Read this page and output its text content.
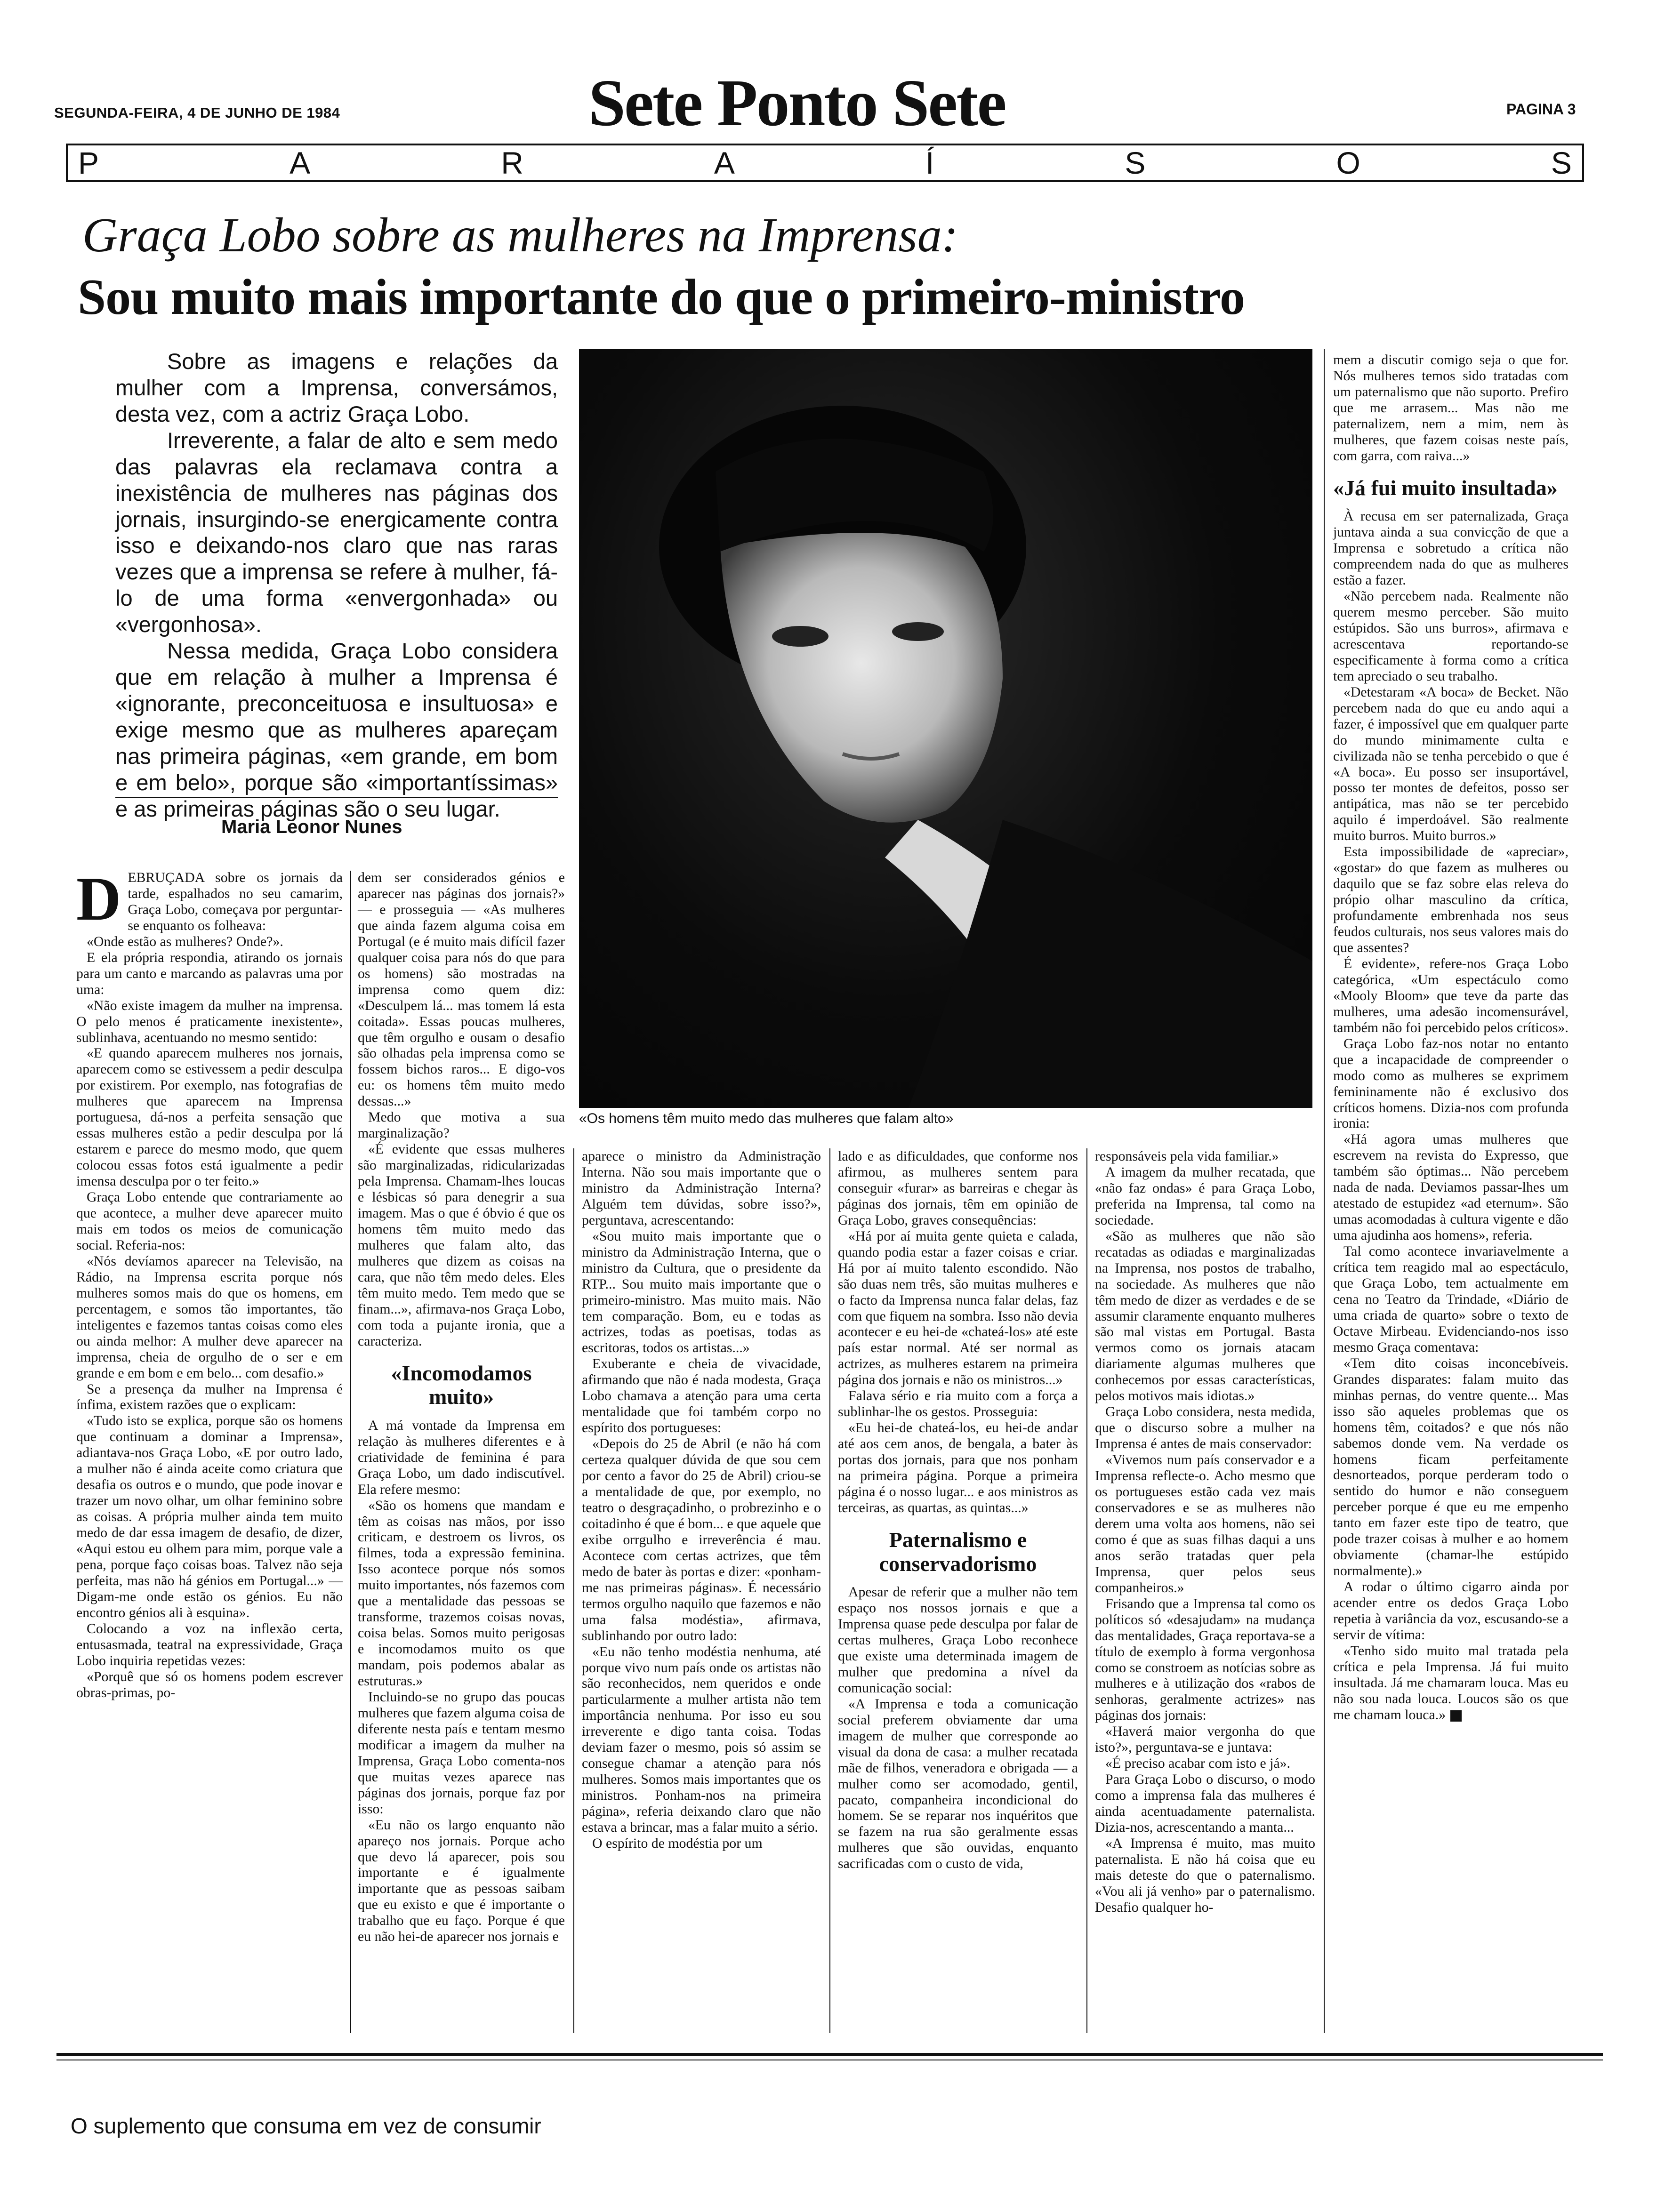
SEGUNDA-FEIRA, 4 DE JUNHO DE 1984	Sete Ponto Sete	PAGINA 3
P	A	R	A	Í	S	O	S
Graça Lobo sobre as mulheres na Imprensa:
Sou muito mais importante do que o primeiro-ministro

Sobre as imagens e relações da mulher com a Imprensa, conversámos, desta vez, com a actriz Graça Lobo.

Irreverente, a falar de alto e sem medo das palavras ela reclamava contra a inexistência de mulheres nas páginas dos jornais, insurgindo-se energicamente contra isso e deixando-nos claro que nas raras vezes que a imprensa se refere à mulher, fá-lo de uma forma «envergonhada» ou «vergonhosa».

Nessa medida, Graça Lobo considera que em relação à mulher a Imprensa é «ignorante, preconceituosa e insultuosa» e exige mesmo que as mulheres apareçam nas primeira páginas, «em grande, em bom e em belo», porque são «importantíssimas» e as primeiras páginas são o seu lugar.

Maria Leonor Nunes
«Os homens têm muito medo das mulheres que falam alto»
D EBRUÇADA sobre os jornais da tarde, espalhados no seu camarim, Graça Lobo, começava por perguntar-se enquanto os folheava:

«Onde estão as mulheres? Onde?».

E ela própria respondia, atirando os jornais para um canto e marcando as palavras uma por uma:

«Não existe imagem da mulher na imprensa. O pelo menos é praticamente inexistente», sublinhava, acentuando no mesmo sentido:

«E quando aparecem mulheres nos jornais, aparecem como se estivessem a pedir desculpa por existirem. Por exemplo, nas fotografias de mulheres que aparecem na Imprensa portuguesa, dá-nos a perfeita sensação que essas mulheres estão a pedir desculpa por lá estarem e parece do mesmo modo, que quem colocou essas fotos está igualmente a pedir imensa desculpa por o ter feito.»

Graça Lobo entende que contrariamente ao que acontece, a mulher deve aparecer muito mais em todos os meios de comunicação social. Referia-nos:

«Nós devíamos aparecer na Televisão, na Rádio, na Imprensa escrita porque nós mulheres somos mais do que os homens, em percentagem, e somos tão importantes, tão inteligentes e fazemos tantas coisas como eles ou ainda melhor: A mulher deve aparecer na imprensa, cheia de orgulho de o ser e em grande e em bom e em belo... com desafio.»

Se a presença da mulher na Imprensa é ínfima, existem razões que o explicam:

«Tudo isto se explica, porque são os homens que continuam a dominar a Imprensa», adiantava-nos Graça Lobo, «E por outro lado, a mulher não é ainda aceite como criatura que desafia os outros e o mundo, que pode inovar e trazer um novo olhar, um olhar feminino sobre as coisas. A própria mulher ainda tem muito medo de dar essa imagem de desafio, de dizer, «Aqui estou eu olhem para mim, porque vale a pena, porque faço coisas boas. Talvez não seja perfeita, mas não há génios em Portugal...» — Digam-me onde estão os génios. Eu não encontro génios ali à esquina».

Colocando a voz na inflexão certa, entusasmada, teatral na expressividade, Graça Lobo inquiria repetidas vezes:

«Porquê que só os homens podem escrever obras-primas, po-

dem ser considerados génios e aparecer nas páginas dos jornais?» — e prosseguia — «As mulheres que ainda fazem alguma coisa em Portugal (e é muito mais difícil fazer qualquer coisa para nós do que para os homens) são mostradas na imprensa como quem diz: «Desculpem lá... mas tomem lá esta coitada». Essas poucas mulheres, que têm orgulho e ousam o desafio são olhadas pela imprensa como se fossem bichos raros... E digo-vos eu: os homens têm muito medo dessas...»

Medo que motiva a sua marginalização?

«É evidente que essas mulheres são marginalizadas, ridicularizadas pela Imprensa. Chamam-lhes loucas e lésbicas só para denegrir a sua imagem. Mas o que é óbvio é que os homens têm muito medo das mulheres que falam alto, das mulheres que dizem as coisas na cara, que não têm medo deles. Eles têm muito medo. Tem medo que se finam...», afirmava-nos Graça Lobo, com toda a pujante ironia, que a caracteriza.

«Incomodamos muito»

A má vontade da Imprensa em relação às mulheres diferentes e à criatividade de feminina é para Graça Lobo, um dado indiscutível. Ela refere mesmo:

«São os homens que mandam e têm as coisas nas mãos, por isso criticam, e destroem os livros, os filmes, toda a expressão feminina. Isso acontece porque nós somos muito importantes, nós fazemos com que a mentalidade das pessoas se transforme, trazemos coisas novas, coisa belas. Somos muito perigosas e incomodamos muito os que mandam, pois podemos abalar as estruturas.»

Incluindo-se no grupo das poucas mulheres que fazem alguma coisa de diferente nesta país e tentam mesmo modificar a imagem da mulher na Imprensa, Graça Lobo comenta-nos que muitas vezes aparece nas páginas dos jornais, porque faz por isso:

«Eu não os largo enquanto não apareço nos jornais. Porque acho que devo lá aparecer, pois sou importante e é igualmente importante que as pessoas saibam que eu existo e que é importante o trabalho que eu faço. Porque é que eu não hei-de aparecer nos jornais e

aparece o ministro da Administração Interna. Não sou mais importante que o ministro da Administração Interna? Alguém tem dúvidas, sobre isso?», perguntava, acrescentando:

«Sou muito mais importante que o ministro da Administração Interna, que o ministro da Cultura, que o presidente da RTP... Sou muito mais importante que o primeiro-ministro. Mas muito mais. Não tem comparação. Bom, eu e todas as actrizes, todas as poetisas, todas as escritoras, todos os artistas...»

Exuberante e cheia de vivacidade, afirmando que não é nada modesta, Graça Lobo chamava a atenção para uma certa mentalidade que foi também corpo no espírito dos portugueses:

«Depois do 25 de Abril (e não há com certeza qualquer dúvida de que sou cem por cento a favor do 25 de Abril) criou-se a mentalidade de que, por exemplo, no teatro o desgraçadinho, o probrezinho e o coitadinho é que é bom... e que aquele que exibe orrgulho e irreverência é mau. Acontece com certas actrizes, que têm medo de bater às portas e dizer: «ponham-me nas primeiras páginas». É necessário termos orgulho naquilo que fazemos e não uma falsa modéstia», afirmava, sublinhando por outro lado:

«Eu não tenho modéstia nenhuma, até porque vivo num país onde os artistas não são reconhecidos, nem queridos e onde particularmente a mulher artista não tem importância nenhuma. Por isso eu sou irreverente e digo tanta coisa. Todas deviam fazer o mesmo, pois só assim se consegue chamar a atenção para nós mulheres. Somos mais importantes que os ministros. Ponham-nos na primeira página», referia deixando claro que não estava a brincar, mas a falar muito a sério.

O espírito de modéstia por um

lado e as dificuldades, que conforme nos afirmou, as mulheres sentem para conseguir «furar» as barreiras e chegar às páginas dos jornais, têm em opinião de Graça Lobo, graves consequências:

«Há por aí muita gente quieta e calada, quando podia estar a fazer coisas e criar. Há por aí muito talento escondido. Não são duas nem três, são muitas mulheres e o facto da Imprensa nunca falar delas, faz com que fiquem na sombra. Isso não devia acontecer e eu hei-de «chateá-los» até este país estar normal. Até ser normal as actrizes, as mulheres estarem na primeira página dos jornais e não os ministros...»

Falava sério e ria muito com a força a sublinhar-lhe os gestos. Prosseguia:

«Eu hei-de chateá-los, eu hei-de andar até aos cem anos, de bengala, a bater às portas dos jornais, para que nos ponham na primeira página. Porque a primeira página é o nosso lugar... e aos ministros as terceiras, as quartas, as quintas...»

Paternalismo e conservadorismo

Apesar de referir que a mulher não tem espaço nos nossos jornais e que a Imprensa quase pede desculpa por falar de certas mulheres, Graça Lobo reconhece que existe uma determinada imagem de mulher que predomina a nível da comunicação social:

«A Imprensa e toda a comunicação social preferem obviamente dar uma imagem de mulher que corresponde ao visual da dona de casa: a mulher recatada mãe de filhos, veneradora e obrigada — a mulher como ser acomodado, gentil, pacato, companheira incondicional do homem. Se se reparar nos inquéritos que se fazem na rua são geralmente essas mulheres que são ouvidas, enquanto sacrificadas com o custo de vida,

responsáveis pela vida familiar.»

A imagem da mulher recatada, que «não faz ondas» é para Graça Lobo, preferida na Imprensa, tal como na sociedade.

«São as mulheres que não são recatadas as odiadas e marginalizadas na Imprensa, nos postos de trabalho, na sociedade. As mulheres que não têm medo de dizer as verdades e de se assumir claramente enquanto mulheres são mal vistas em Portugal. Basta vermos como os jornais atacam diariamente algumas mulheres que conhecemos por essas características, pelos motivos mais idiotas.»

Graça Lobo considera, nesta medida, que o discurso sobre a mulher na Imprensa é antes de mais conservador:

«Vivemos num país conservador e a Imprensa reflecte-o. Acho mesmo que os portugueses estão cada vez mais conservadores e se as mulheres não derem uma volta aos homens, não sei como é que as suas filhas daqui a uns anos serão tratadas quer pela Imprensa, quer pelos seus companheiros.»

Frisando que a Imprensa tal como os políticos só «desajudam» na mudança das mentalidades, Graça reportava-se a título de exemplo à forma vergonhosa como se constroem as notícias sobre as mulheres e à utilização dos «rabos de senhoras, geralmente actrizes» nas páginas dos jornais:

«Haverá maior vergonha do que isto?», perguntava-se e juntava:

«É preciso acabar com isto e já».

Para Graça Lobo o discurso, o modo como a imprensa fala das mulheres é ainda acentuadamente paternalista. Dizia-nos, acrescentando a manta...

«A Imprensa é muito, mas muito paternalista. E não há coisa que eu mais deteste do que o paternalismo. «Vou ali já venho» par o paternalismo. Desafio qualquer ho-

mem a discutir comigo seja o que for. Nós mulheres temos sido tratadas com um paternalismo que não suporto. Prefiro que me arrasem... Mas não me paternalizem, nem a mim, nem às mulheres, que fazem coisas neste país, com garra, com raiva...»

«Já fui muito insultada»

À recusa em ser paternalizada, Graça juntava ainda a sua convicção de que a Imprensa e sobretudo a crítica não compreendem nada do que as mulheres estão a fazer.

«Não percebem nada. Realmente não querem mesmo perceber. São muito estúpidos. São uns burros», afirmava e acrescentava reportando-se especificamente à forma como a crítica tem apreciado o seu trabalho.

«Detestaram «A boca» de Becket. Não percebem nada do que eu ando aqui a fazer, é impossível que em qualquer parte do mundo minimamente culta e civilizada não se tenha percebido o que é «A boca». Eu posso ser insuportável, posso ter montes de defeitos, posso ser antipática, mas não se ter percebido aquilo é imperdoável. São realmente muito burros. Muito burros.»

Esta impossibilidade de «apreciar», «gostar» do que fazem as mulheres ou daquilo que se faz sobre elas releva do própio olhar masculino da crítica, profundamente embrenhada nos seus feudos culturais, nos seus valores mais do que assentes?

É evidente», refere-nos Graça Lobo categórica, «Um espectáculo como «Mooly Bloom» que teve da parte das mulheres, uma adesão incomensurável, também não foi percebido pelos críticos».

Graça Lobo faz-nos notar no entanto que a incapacidade de compreender o modo como as mulheres se exprimem femininamente não é exclusivo dos críticos homens. Dizia-nos com profunda ironia:

«Há agora umas mulheres que escrevem na revista do Expresso, que também são óptimas... Não percebem nada de nada. Deviamos passar-lhes um atestado de estupidez «ad eternum». São umas acomodadas à cultura vigente e dão uma ajudinha aos homens», referia.

Tal como acontece invariavelmente a crítica tem reagido mal ao espectáculo, que Graça Lobo, tem actualmente em cena no Teatro da Trindade, «Diário de uma criada de quarto» sobre o texto de Octave Mirbeau. Evidenciando-nos isso mesmo Graça comentava:

«Tem dito coisas inconcebíveis. Grandes disparates: falam muito das minhas pernas, do ventre quente... Mas isso são aqueles problemas que os homens têm, coitados? e que nós não sabemos donde vem. Na verdade os homens ficam perfeitamente desnorteados, porque perderam todo o sentido do humor e não conseguem perceber porque é que eu me empenho tanto em fazer este tipo de teatro, que pode trazer coisas à mulher e ao homem obviamente (chamar-lhe estúpido normalmente).»

A rodar o último cigarro ainda por acender entre os dedos Graça Lobo repetia à variância da voz, escusando-se a servir de vítima:

«Tenho sido muito mal tratada pela crítica e pela Imprensa. Já fui muito insultada. Já me chamaram louca. Mas eu não sou nada louca. Loucos são os que me chamam louca.»

O suplemento que consuma em vez de consumir
